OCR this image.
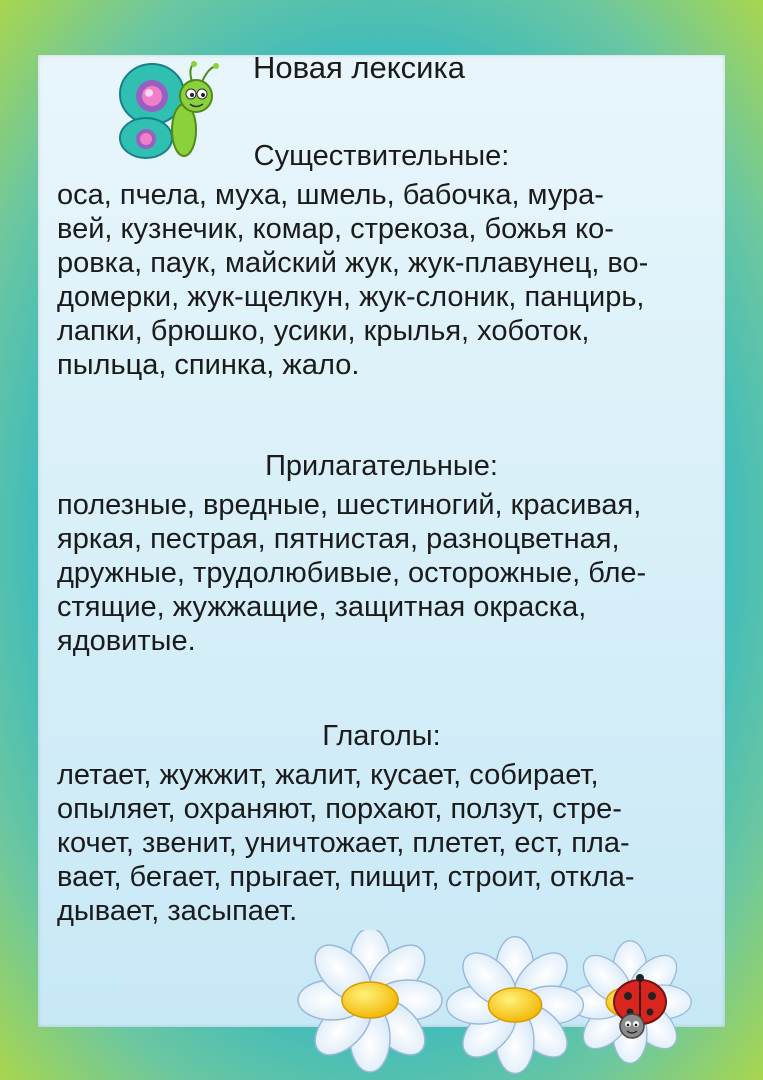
Новая лексика
Существительные:
оса, пчела, муха, шмель, бабочка, мура-
вей, кузнечик, комар, стрекоза, божья ко-
ровка, паук, майский жук, жук-плавунец, во-
домерки, жук-щелкун, жук-слоник, панцирь,
лапки, брюшко, усики, крылья, хоботок,
пыльца, спинка, жало.
Прилагательные:
полезные, вредные, шестиногий, красивая,
яркая, пестрая, пятнистая, разноцветная,
дружные, трудолюбивые, осторожные, бле-
стящие, жужжащие, защитная окраска,
ядовитые.
Глаголы:
летает, жужжит, жалит, кусает, собирает,
опыляет, охраняют, порхают, ползут, стре-
кочет, звенит, уничтожает, плетет, ест, пла-
вает, бегает, прыгает, пищит, строит, откла-
дывает, засыпает.
